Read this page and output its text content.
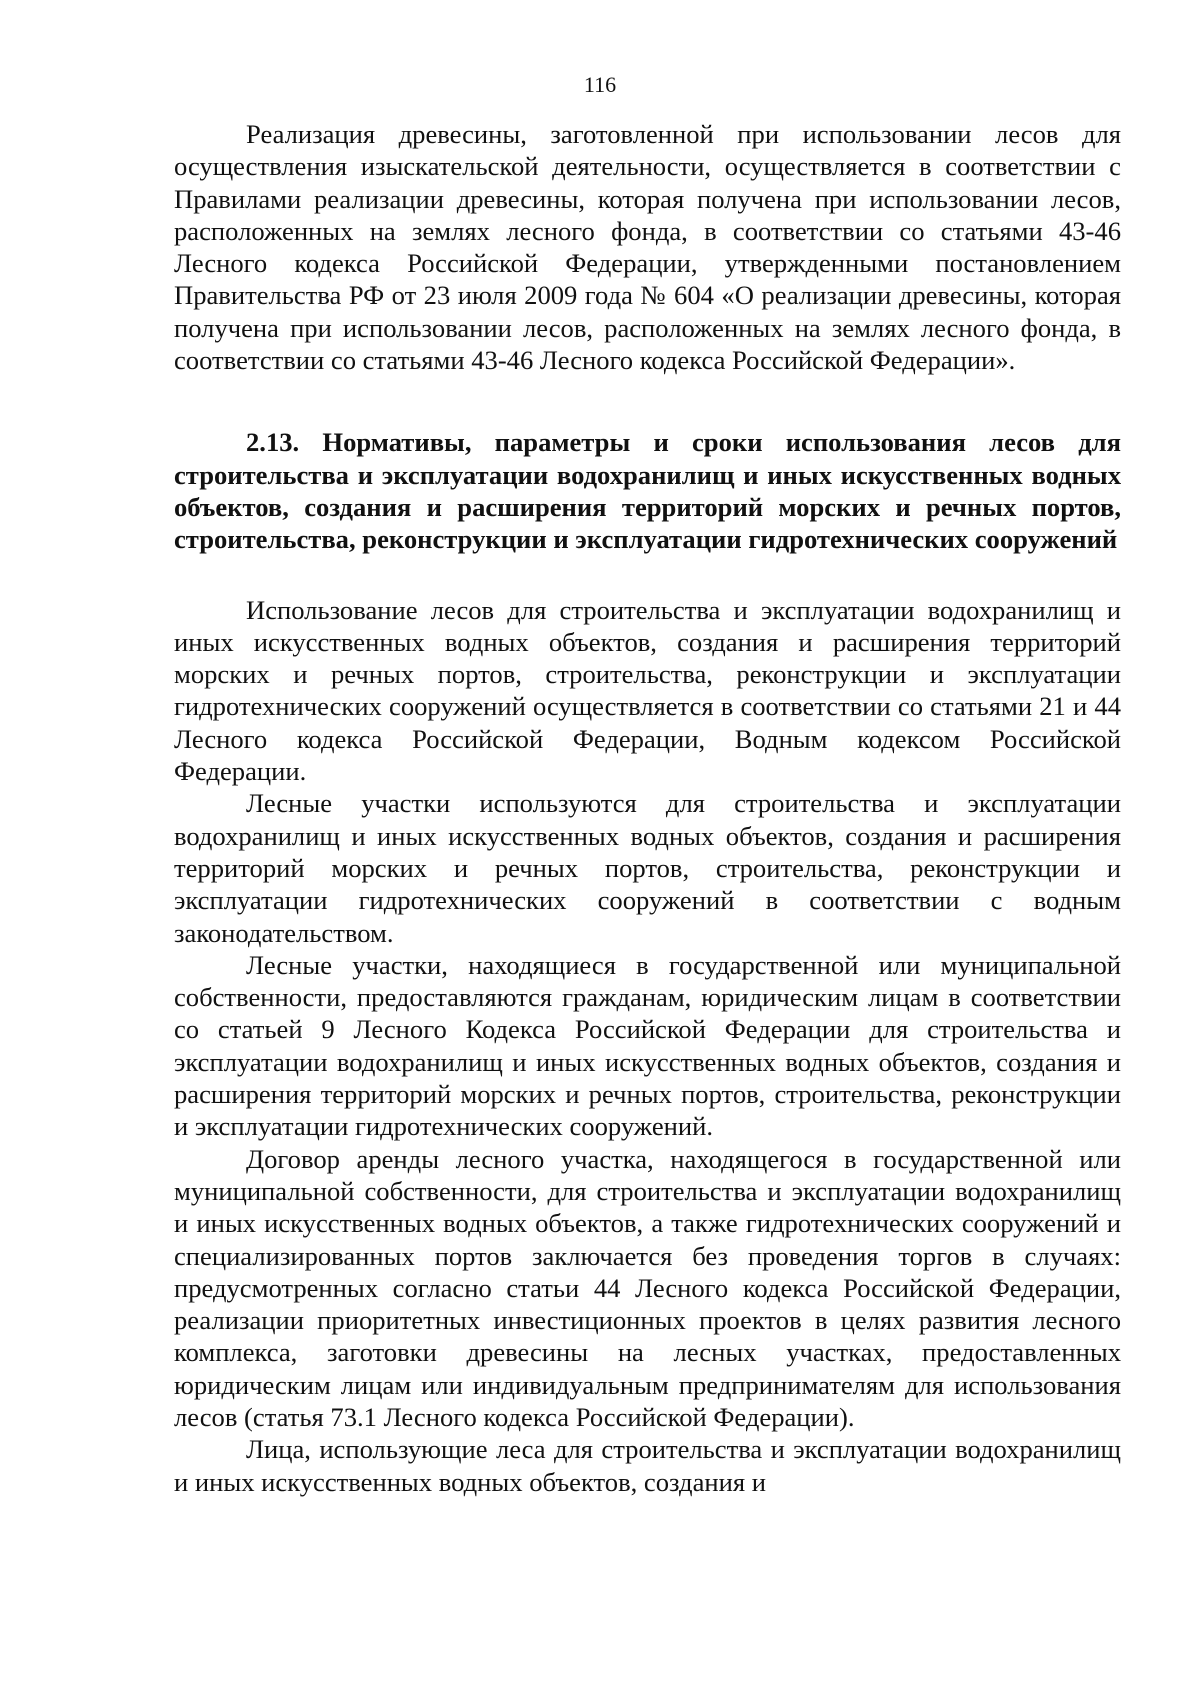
116

Реализация древесины, заготовленной при использовании лесов для осуществления изыскательской деятельности, осуществляется в соответствии с Правилами реализации древесины, которая получена при использовании лесов, расположенных на землях лесного фонда, в соответствии со статьями 43-46 Лесного кодекса Российской Федерации, утвержденными постановлением Правительства РФ от 23 июля 2009 года № 604 «О реализации древесины, которая получена при использовании лесов, расположенных на землях лесного фонда, в соответствии со статьями 43-46 Лесного кодекса Российской Федерации».

2.13. Нормативы, параметры и сроки использования лесов для строительства и эксплуатации водохранилищ и иных искусственных водных объектов, создания и расширения территорий морских и речных портов, строительства, реконструкции и эксплуатации гидротехнических сооружений

Использование лесов для строительства и эксплуатации водохранилищ и иных искусственных водных объектов, создания и расширения территорий морских и речных портов, строительства, реконструкции и эксплуатации гидротехнических сооружений осуществляется в соответствии со статьями 21 и 44 Лесного кодекса Российской Федерации, Водным кодексом Российской Федерации.

Лесные участки используются для строительства и эксплуатации водохранилищ и иных искусственных водных объектов, создания и расширения территорий морских и речных портов, строительства, реконструкции и эксплуатации гидротехнических сооружений в соответствии с водным законодательством.

Лесные участки, находящиеся в государственной или муниципальной собственности, предоставляются гражданам, юридическим лицам в соответствии со статьей 9 Лесного Кодекса Российской Федерации для строительства и эксплуатации водохранилищ и иных искусственных водных объектов, создания и расширения территорий морских и речных портов, строительства, реконструкции и эксплуатации гидротехнических сооружений.

Договор аренды лесного участка, находящегося в государственной или муниципальной собственности, для строительства и эксплуатации водохранилищ и иных искусственных водных объектов, а также гидротехнических сооружений и специализированных портов заключается без проведения торгов в случаях: предусмотренных согласно статьи 44 Лесного кодекса Российской Федерации, реализации приоритетных инвестиционных проектов в целях развития лесного комплекса, заготовки древесины на лесных участках, предоставленных юридическим лицам или индивидуальным предпринимателям для использования лесов (статья 73.1 Лесного кодекса Российской Федерации).

Лица, использующие леса для строительства и эксплуатации водохранилищ и иных искусственных водных объектов, создания и
